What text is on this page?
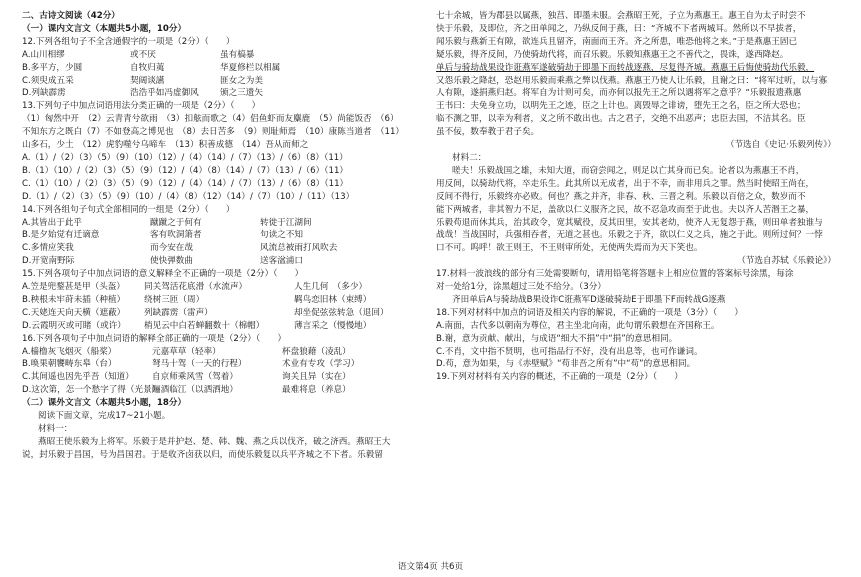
二、古诗文阅读（42分）
（一）课内文言文（本题共5小题，10分）
12.下列各组句子不全含通假字的一项是（2分）（　　）
A.山川相缪	或不厌	虽有槁暴
B.多平方，少圆	自牧归荑	华夏修栏以相属
C.须臾成五采	契阔谈讌	匪女之为美
D.列缺霹雳	浩浩乎如冯虚御风	颁之三遗矢
13.下列句子中加点词语用法分类正确的一项是（2分）（　　）
（1）匈然中开　（2）云青青兮欲雨　（3）扣舷而歌之（4）侣鱼虾而友麋鹿　（5）尚能饭否　（6）
不知东方之既白（7）不如登高之博见也　（8）去日苦多　（9）则耻师焉　（10）康陈当道者　（11）
山多石，少土　（12）虎豹噬兮乌啼车　（13）积善成德　（14）吾从而师之
A.（1）/（2）（3）（5）（9）（10）（12）/（4）（14）/（7）（13）/（6）（8）（11）
B.（1）（10）/（2）（3）（5）（9）（12）/（4）（8）（14）/（7）（13）/（6）（11）
C.（1）（10）/（2）（3）（5）（9）（12）/（4）（14）/（7）（13）/（6）（8）（11）
D.（1）/（2）（3）（5）（9）（10）/（4）（8）（12）（14）/（7）（10）/（11）（13）
14.下列各组句子句式全部相同的一组是（2分）（　　）
A.其皆出于此乎	蹴蹴之于何有	转徙于江湖间
B.是夕始觉有迁谪意	客有吹洞箫者	句读之不知
C.多情应笑我	而今安在哉	风流总被雨打风吹去
D.开宽南野际	使快弹数曲	送客湓浦口
15.下列各项句子中加点词语的意义解释全不正确的一项是（2分）（　　）
A.笠是兜鍪甚是甲（头盔）	同关驾活花底滑（水流声）	人生几何　（多少）
B.秧根未牢莳未插（种植）	绕树三匝（周）	羁鸟恋旧林（束缚）
C.天姥连天向天横（遮蔽）	列缺霹雳（雷声）	却坐促弦弦转急（退回）
D.云霞明灭或可睹（或许）	梢见云中白若蝉翻数十（棉帽）	薄言采之（慢慢地）
16.下列各项句子中加点词语的解释全部正确的一项是（2分）（　　）
A.樯橹灰飞烟灭（船桨）	元嘉草草（轻率）	杯盘狼藉（凌乱）
B.唤果朝饔畴东皋（台）	弩马十驾（一天的行程）	术业有专攻（学习）
C.其间遥也因先乎吾（知道）	自京师乘风雪（驾着）	询关且异（实在）
D.这次第，怎一个愁字了得（光景）
酾酒临江（以洒洒地）	最难将息（养息）
（二）课外文言文（本题共5小题，18分）
阅读下面文章，完成17~21小题。
材料一：
燕昭王使乐毅为上将军。乐毅于是并护赵、楚、韩、魏、燕之兵以伐齐，破之济西。燕昭王大
说，封乐毅于昌国，号为昌国君。于是收齐卤获以归，而使乐毅复以兵平齐城之不下者。乐毅留
七十余城，皆为郡县以属燕，独莒、即墨未服。会燕昭王死，子立为燕惠王。惠王自为太子时尝不
快于乐毅，及即位，齐之田单闻之，乃纵反间于燕，曰：“齐城不下者两城耳。然所以不早拔者，
闻乐毅与燕新王有隙，欲连兵且留齐，南面而王齐。齐之所患，唯恐他将之来。”于是燕惠王固已
疑乐毅，得齐反间，乃使骑劫代将，而召乐毅。乐毅知燕惠王之不善代之，畏诛，遂西降赵。
单后与骑劫战果设诈诳燕军遂破骑劫于即墨下而转战逐燕，尽复得齐城。燕惠王后悔使骑劫代乐毅，
又怨乐毅之降赵，恐赵用乐毅而乘燕之弊以伐燕。燕惠王乃使人让乐毅，且谢之曰：“将军过听，以与寡
人有隙，遂捐燕归赵。将军自为计则可矣，而亦何以报先王之所以遇将军之意乎？”乐毅报遗燕惠
王书曰：夫免身立功，以明先王之迹，臣之上计也。离毁辱之诽谤，堕先王之名，臣之所大恐也；
临不测之罪，以幸为利者，义之所不敢出也。古之君子，交绝不出恶声；忠臣去国，不洁其名。臣
虽不佞，数奉教于君子矣。
（节选自《史记·乐毅列传》）
材料二：
嗟夫！乐毅战国之雄，未知大道，而窃尝闻之，则足以亡其身而已矣。论者以为燕惠王不肖，
用反间，以骑劫代将，卒走乐生。此其所以无成者，出于不幸，而非用兵之罪。然当时使昭王尚在，
反间不得行，乐毅终亦必败。何也？燕之并齐，非春、秋、三晋之利。乐毅以百倍之众，数岁而不
能下两城者，非其智力不足，盖欲以仁义服齐之民，故不忍急攻而至于此也。夫以齐人苦湣王之暴，
乐毅苟退而休其兵，治其政令，宽其赋役，反其田里，安其老幼，使齐人无复怨于燕，则田单者独谁与
战哉！当战国时，兵强相吞者，无道之甚也。乐毅之于齐，欲以仁义之兵，施之于此。则所过何？一悖
口不可。呜呼！欲王则王，不王则审所处，无使两失焉而为天下笑也。
（节选自苏轼《乐毅论》）
17.材料一波浪线的部分有三处需要断句，请用铅笔将答题卡上相应位置的答案标号涂黑，每涂
对一处给1分，涂黑超过三处不给分。（3分）
齐田单后A与骑劫战B果设诈C诳燕军D遂破骑劫E于即墨下F而转战G逐燕
18.下列对材料中加点的词语及相关内容的解说，不正确的一项是（3分）（　　）
A.南面，古代多以朝南为尊位，君主坐北向南，此句谓乐毅想在齐国称王。
B.谢，意为贡献、献出，与成语“细大不捐”中“捐”的意思相同。
C.不肖，文中指不贤明，也可指品行不好，没有出息等，也可作谦词。
D.苟，意为如果，与《赤壁赋》“苟非吾之所有”中“苟”的意思相同。
19.下列对材料有关内容的概述，不正确的一项是（2分）（　　）
语文第4页 共6页
